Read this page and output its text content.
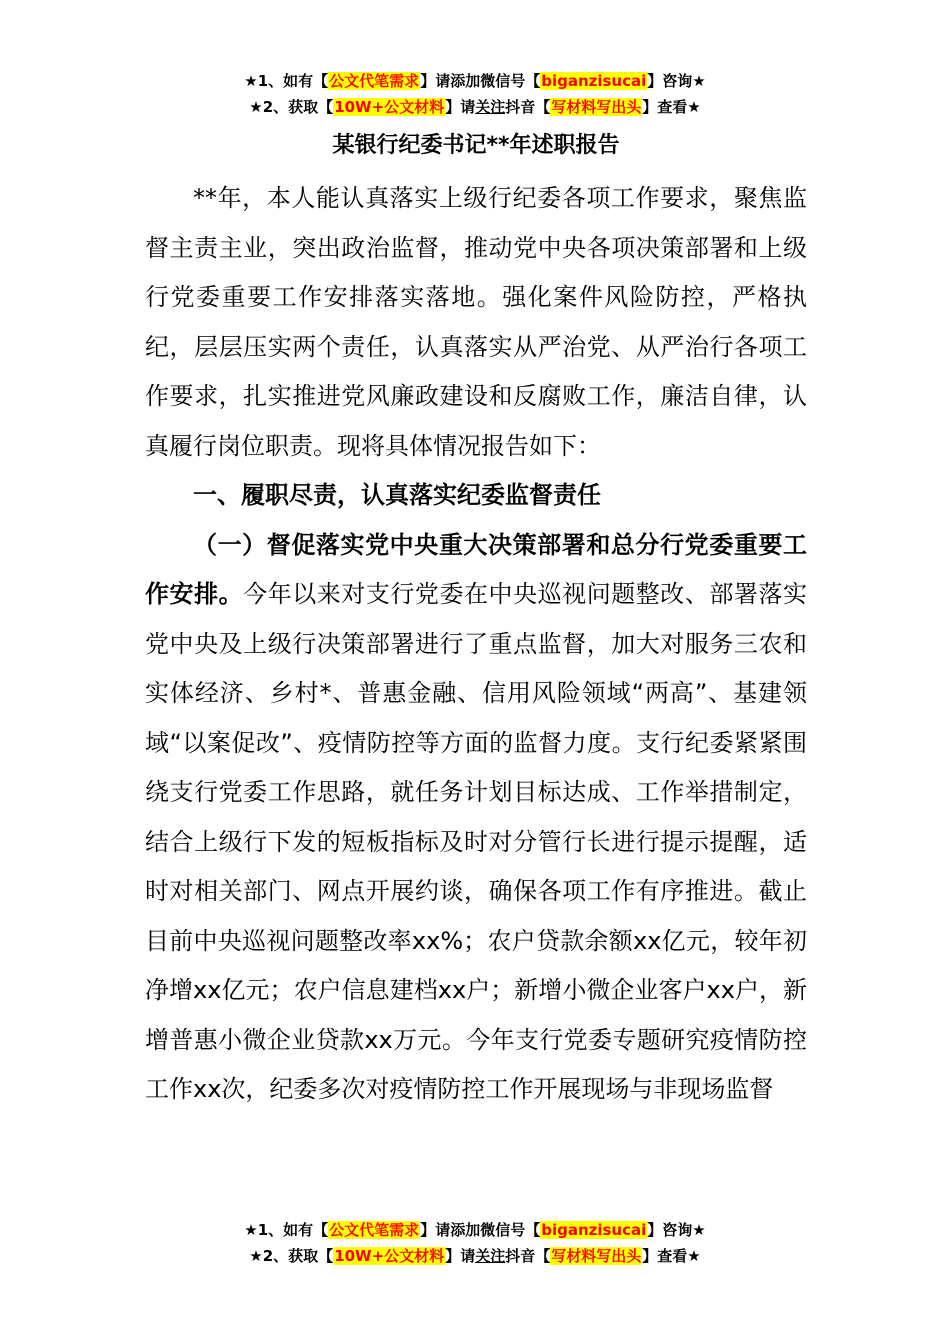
★1、如有【公文代笔需求】请添加微信号【biganzisucai】咨询★
★2、获取【10W+公文材料】请关注抖音【写材料写出头】查看★
某银行纪委书记**年述职报告

**年，本人能认真落实上级行纪委各项工作要求，聚焦监督主责主业，突出政治监督，推动党中央各项决策部署和上级行党委重要工作安排落实落地。强化案件风险防控，严格执纪，层层压实两个责任，认真落实从严治党、从严治行各项工作要求，扎实推进党风廉政建设和反腐败工作，廉洁自律，认真履行岗位职责。现将具体情况报告如下：

一、履职尽责，认真落实纪委监督责任

（一）督促落实党中央重大决策部署和总分行党委重要工作安排。今年以来对支行党委在中央巡视问题整改、部署落实党中央及上级行决策部署进行了重点监督，加大对服务三农和实体经济、乡村*、普惠金融、信用风险领域“两高”、基建领域“以案促改”、疫情防控等方面的监督力度。支行纪委紧紧围绕支行党委工作思路，就任务计划目标达成、工作举措制定，结合上级行下发的短板指标及时对分管行长进行提示提醒，适时对相关部门、网点开展约谈，确保各项工作有序推进。截止目前中央巡视问题整改率xx%；农户贷款余额xx亿元，较年初净增xx亿元；农户信息建档xx户；新增小微企业客户xx户，新增普惠小微企业贷款xx万元。今年支行党委专题研究疫情防控工作xx次，纪委多次对疫情防控工作开展现场与非现场监督

★1、如有【公文代笔需求】请添加微信号【biganzisucai】咨询★
★2、获取【10W+公文材料】请关注抖音【写材料写出头】查看★
